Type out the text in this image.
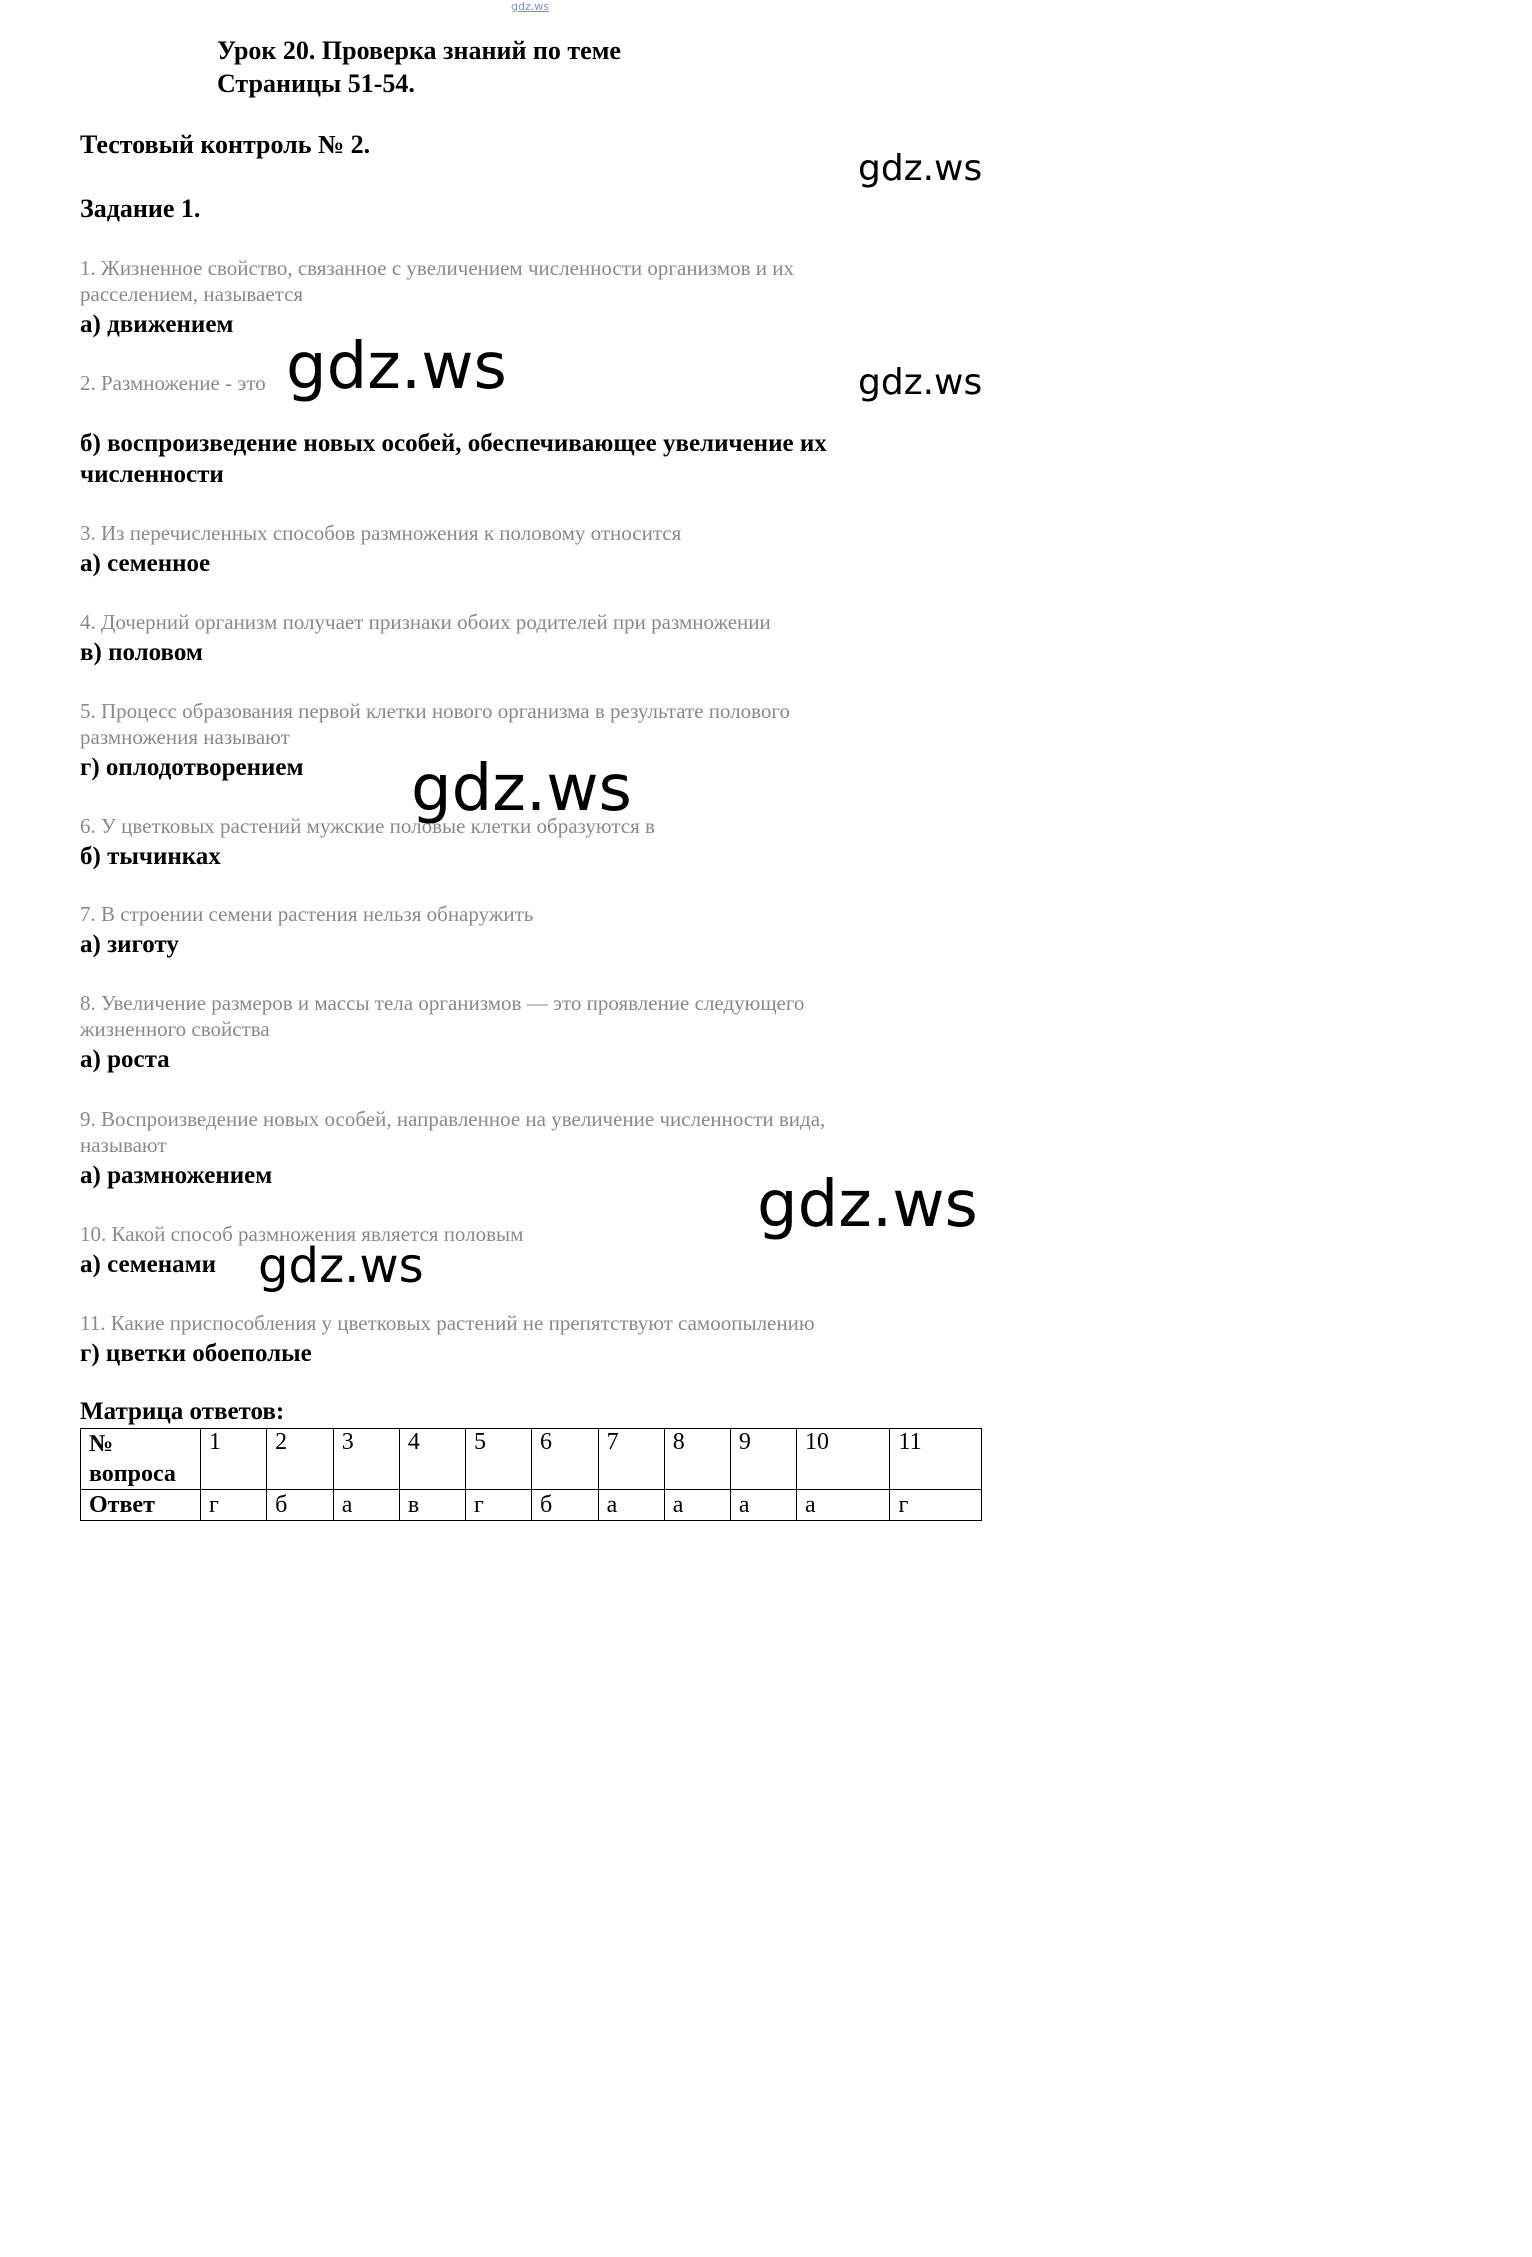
gdz.ws
Урок 20. Проверка знаний по теме
Страницы 51-54.
Тестовый контроль № 2.
Задание 1.
1. Жизненное свойство, связанное с увеличением численности организмов и их
расселением, называется
а) движением
2. Размножение - это
б) воспроизведение новых особей, обеспечивающее увеличение их
численности
3. Из перечисленных способов размножения к половому относится
а) семенное
4. Дочерний организм получает признаки обоих родителей при размножении
в) половом
5. Процесс образования первой клетки нового организма в результате полового
размножения называют
г) оплодотворением
6. У цветковых растений мужские половые клетки образуются в
б) тычинках
7. В строении семени растения нельзя обнаружить
а) зиготу
8. Увеличение размеров и массы тела организмов — это проявление следующего
жизненного свойства
а) роста
9. Воспроизведение новых особей, направленное на увеличение численности вида,
называют
а) размножением
10. Какой способ размножения является половым
а) семенами
11. Какие приспособления у цветковых растений не препятствуют самоопылению
г) цветки обоеполые
Матрица ответов:
№ вопроса	1	2	3	4	5	6	7	8	9	10	11
Ответ	г	б	а	в	г	б	а	а	а	а	г
gdz.ws
gdz.ws	gdz.ws
gdz.ws
gdz.ws
gdz.ws
